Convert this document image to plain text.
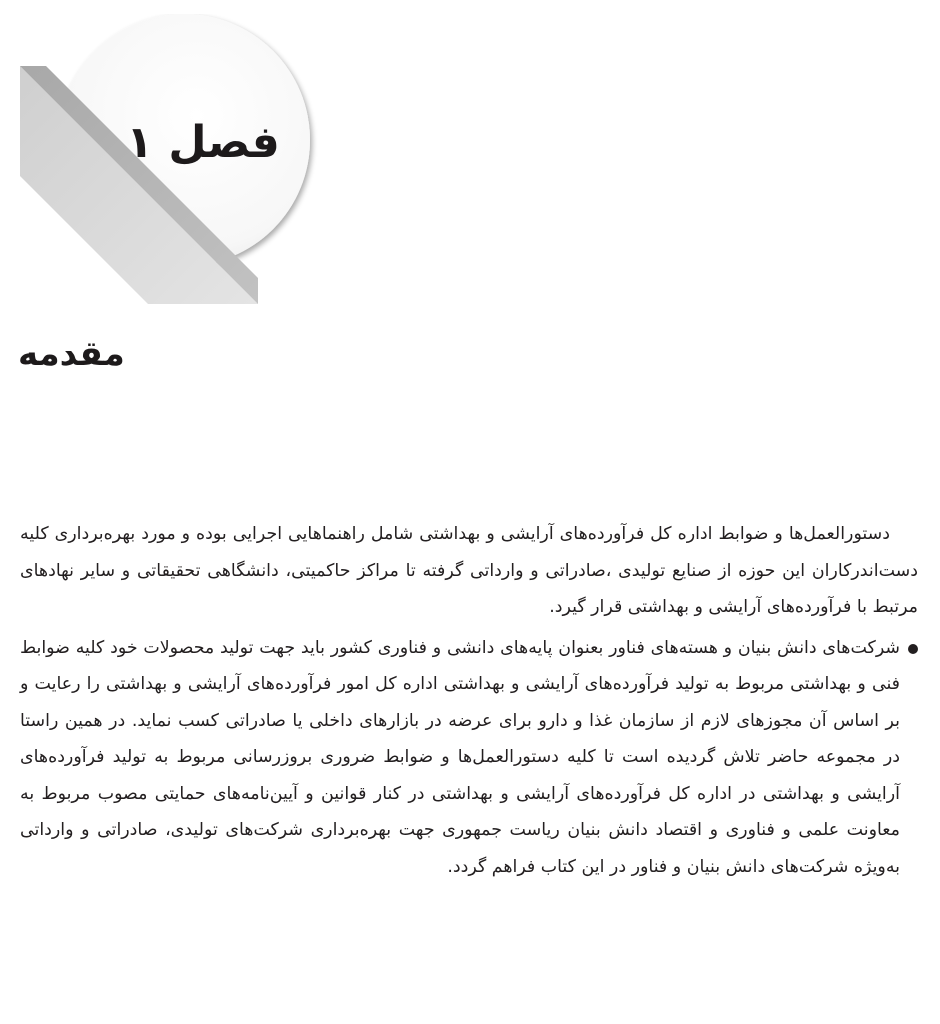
فصل ۱
مقدمه

دستورالعمل‌ها و ضوابط اداره کل فرآورده‌های آرایشی و بهداشتی شامل راهنماهایی اجرایی بوده و مورد بهره‌برداری کلیه دست‌اندرکاران این حوزه از صنایع تولیدی ،صادراتی و وارداتی گرفته تا مراکز حاکمیتی، دانشگاهی تحقیقاتی و سایر نهادهای مرتبط با فرآورده‌های آرایشی و بهداشتی قرار گیرد.

شرکت‌های دانش بنیان و هسته‌های فناور بعنوان پایه‌های دانشی و فناوری کشور باید جهت تولید محصولات خود کلیه ضوابط فنی و بهداشتی مربوط به تولید فرآورده‌های آرایشی و بهداشتی اداره کل امور فرآورده‌های آرایشی و بهداشتی را رعایت و بر اساس آن مجوزهای لازم از سازمان غذا و دارو برای عرضه در بازارهای داخلی یا صادراتی کسب نماید. در همین راستا در مجموعه حاضر تلاش گردیده است تا کلیه دستورالعمل‌ها و ضوابط ضروری بروزرسانی مربوط به تولید فرآورده‌های آرایشی و بهداشتی در اداره کل فرآورده‌های آرایشی و بهداشتی در کنار قوانین و آیین‌نامه‌های حمایتی مصوب مربوط به معاونت علمی و فناوری و اقتصاد دانش بنیان ریاست جمهوری جهت بهره‌برداری شرکت‌های تولیدی، صادراتی و وارداتی به‌ویژه شرکت‌های دانش بنیان و فناور در این کتاب فراهم گردد.
